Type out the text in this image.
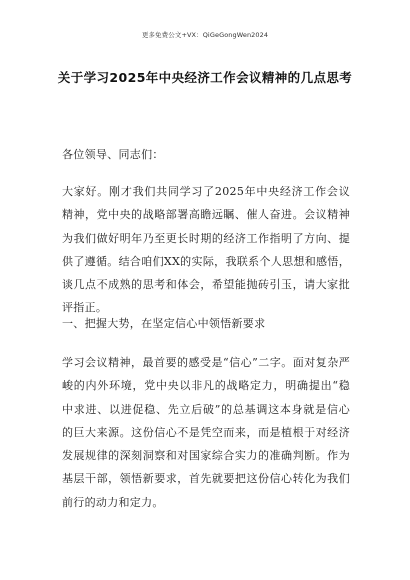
更多免费公文+VX：QiGeGongWen2024
关于学习2025年中央经济工作会议精神的几点思考

各位领导、同志们：

大家好。刚才我们共同学习了2025年中央经济工作会议精神，党中央的战略部署高瞻远瞩、催人奋进。会议精神为我们做好明年乃至更长时期的经济工作指明了方向、提供了遵循。结合咱们XX的实际，我联系个人思想和感悟，谈几点不成熟的思考和体会，希望能抛砖引玉，请大家批评指正。

一、把握大势，在坚定信心中领悟新要求

学习会议精神，最首要的感受是“信心”二字。面对复杂严峻的内外环境，党中央以非凡的战略定力，明确提出“稳中求进、以进促稳、先立后破”的总基调这本身就是信心的巨大来源。这份信心不是凭空而来，而是植根于对经济发展规律的深刻洞察和对国家综合实力的准确判断。作为基层干部，领悟新要求，首先就要把这份信心转化为我们前行的动力和定力。
